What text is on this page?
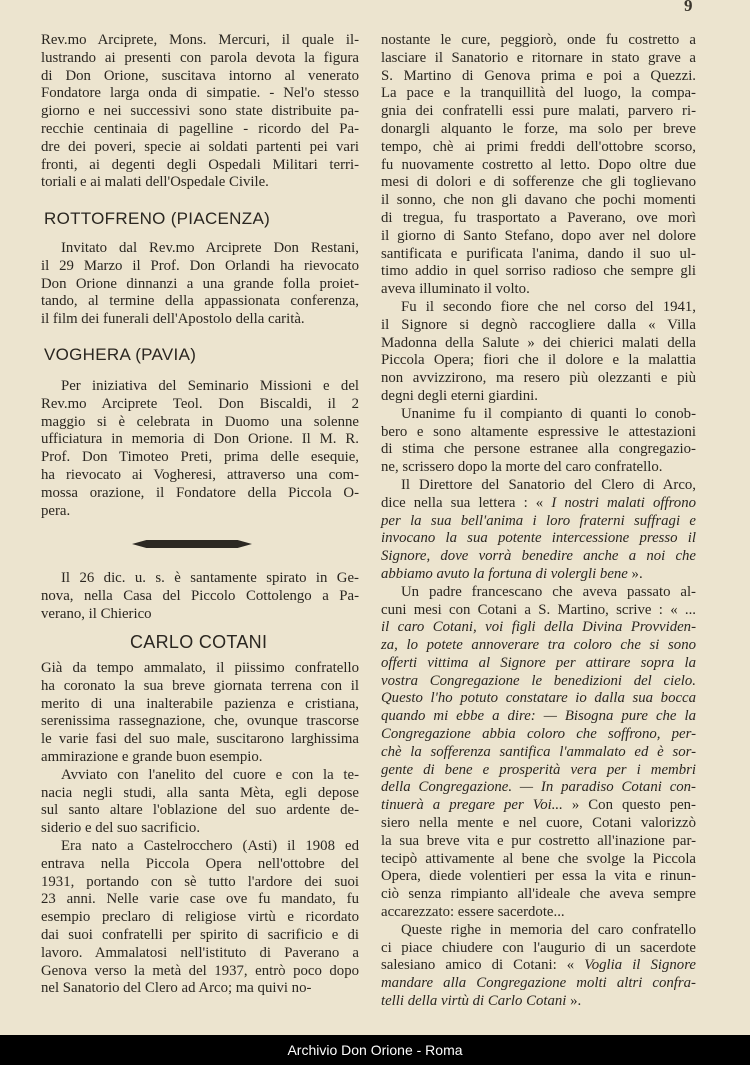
9
Rev.mo Arciprete, Mons. Mercuri, il quale il-
lustrando ai presenti con parola devota la figura
di Don Orione, suscitava intorno al venerato
Fondatore larga onda di simpatie. - Nel'o stesso
giorno e nei successivi sono state distribuite pa-
recchie centinaia di pagelline - ricordo del Pa-
dre dei poveri, specie ai soldati partenti pei vari
fronti, ai degenti degli Ospedali Militari terri-
toriali e ai malati dell'Ospedale Civile.
ROTTOFRENO (PIACENZA)
Invitato dal Rev.mo Arciprete Don Restani,
il 29 Marzo il Prof. Don Orlandi ha rievocato
Don Orione dinnanzi a una grande folla proiet-
tando, al termine della appassionata conferenza,
il film dei funerali dell'Apostolo della carità.
VOGHERA (PAVIA)
Per iniziativa del Seminario Missioni e del
Rev.mo Arciprete Teol. Don Biscaldi, il 2
maggio si è celebrata in Duomo una solenne
ufficiatura in memoria di Don Orione. Il M. R.
Prof. Don Timoteo Preti, prima delle esequie,
ha rievocato ai Vogheresi, attraverso una com-
mossa orazione, il Fondatore della Piccola O-
pera.
Il 26 dic. u. s. è santamente spirato in Ge-
nova, nella Casa del Piccolo Cottolengo a Pa-
verano, il Chierico
CARLO COTANI
Già da tempo ammalato, il piissimo confratello
ha coronato la sua breve giornata terrena con il
merito di una inalterabile pazienza e cristiana,
serenissima rassegnazione, che, ovunque trascorse
le varie fasi del suo male, suscitarono larghissima
ammirazione e grande buon esempio.
Avviato con l'anelito del cuore e con la te-
nacia negli studi, alla santa Mèta, egli depose
sul santo altare l'oblazione del suo ardente de-
siderio e del suo sacrificio.
Era nato a Castelrocchero (Asti) il 1908 ed
entrava nella Piccola Opera nell'ottobre del
1931, portando con sè tutto l'ardore dei suoi
23 anni. Nelle varie case ove fu mandato, fu
esempio preclaro di religiose virtù e ricordato
dai suoi confratelli per spirito di sacrificio e di
lavoro. Ammalatosi nell'istituto di Paverano a
Genova verso la metà del 1937, entrò poco dopo
nel Sanatorio del Clero ad Arco; ma quivi no-
nostante le cure, peggiorò, onde fu costretto a
lasciare il Sanatorio e ritornare in stato grave a
S. Martino di Genova prima e poi a Quezzi.
La pace e la tranquillità del luogo, la compa-
gnia dei confratelli essi pure malati, parvero ri-
donargli alquanto le forze, ma solo per breve
tempo, chè ai primi freddi dell'ottobre scorso,
fu nuovamente costretto al letto. Dopo oltre due
mesi di dolori e di sofferenze che gli toglievano
il sonno, che non gli davano che pochi momenti
di tregua, fu trasportato a Paverano, ove morì
il giorno di Santo Stefano, dopo aver nel dolore
santificata e purificata l'anima, dando il suo ul-
timo addio in quel sorriso radioso che sempre gli
aveva illuminato il volto.
Fu il secondo fiore che nel corso del 1941,
il Signore si degnò raccogliere dalla « Villa
Madonna della Salute » dei chierici malati della
Piccola Opera; fiori che il dolore e la malattia
non avvizzirono, ma resero più olezzanti e più
degni degli eterni giardini.
Unanime fu il compianto di quanti lo conob-
bero e sono altamente espressive le attestazioni
di stima che persone estranee alla congregazio-
ne, scrissero dopo la morte del caro confratello.
Il Direttore del Sanatorio del Clero di Arco,
dice nella sua lettera : « I nostri malati offrono
per la sua bell'anima i loro fraterni suffragi e
invocano la sua potente intercessione presso il
Signore, dove vorrà benedire anche a noi che
abbiamo avuto la fortuna di volergli bene ».
Un padre francescano che aveva passato al-
cuni mesi con Cotani a S. Martino, scrive : « ...
il caro Cotani, voi figli della Divina Provviden-
za, lo potete annoverare tra coloro che si sono
offerti vittima al Signore per attirare sopra la
vostra Congregazione le benedizioni del cielo.
Questo l'ho potuto constatare io dalla sua bocca
quando mi ebbe a dire: — Bisogna pure che la
Congregazione abbia coloro che soffrono, per-
chè la sofferenza santifica l'ammalato ed è sor-
gente di bene e prosperità vera per i membri
della Congregazione. — In paradiso Cotani con-
tinuerà a pregare per Voi... » Con questo pen-
siero nella mente e nel cuore, Cotani valorizzò
la sua breve vita e pur costretto all'inazione par-
tecipò attivamente al bene che svolge la Piccola
Opera, diede volentieri per essa la vita e rinun-
ciò senza rimpianto all'ideale che aveva sempre
accarezzato: essere sacerdote...
Queste righe in memoria del caro confratello
ci piace chiudere con l'augurio di un sacerdote
salesiano amico di Cotani: « Voglia il Signore
mandare alla Congregazione molti altri confra-
telli della virtù di Carlo Cotani ».
Archivio Don Orione - Roma
